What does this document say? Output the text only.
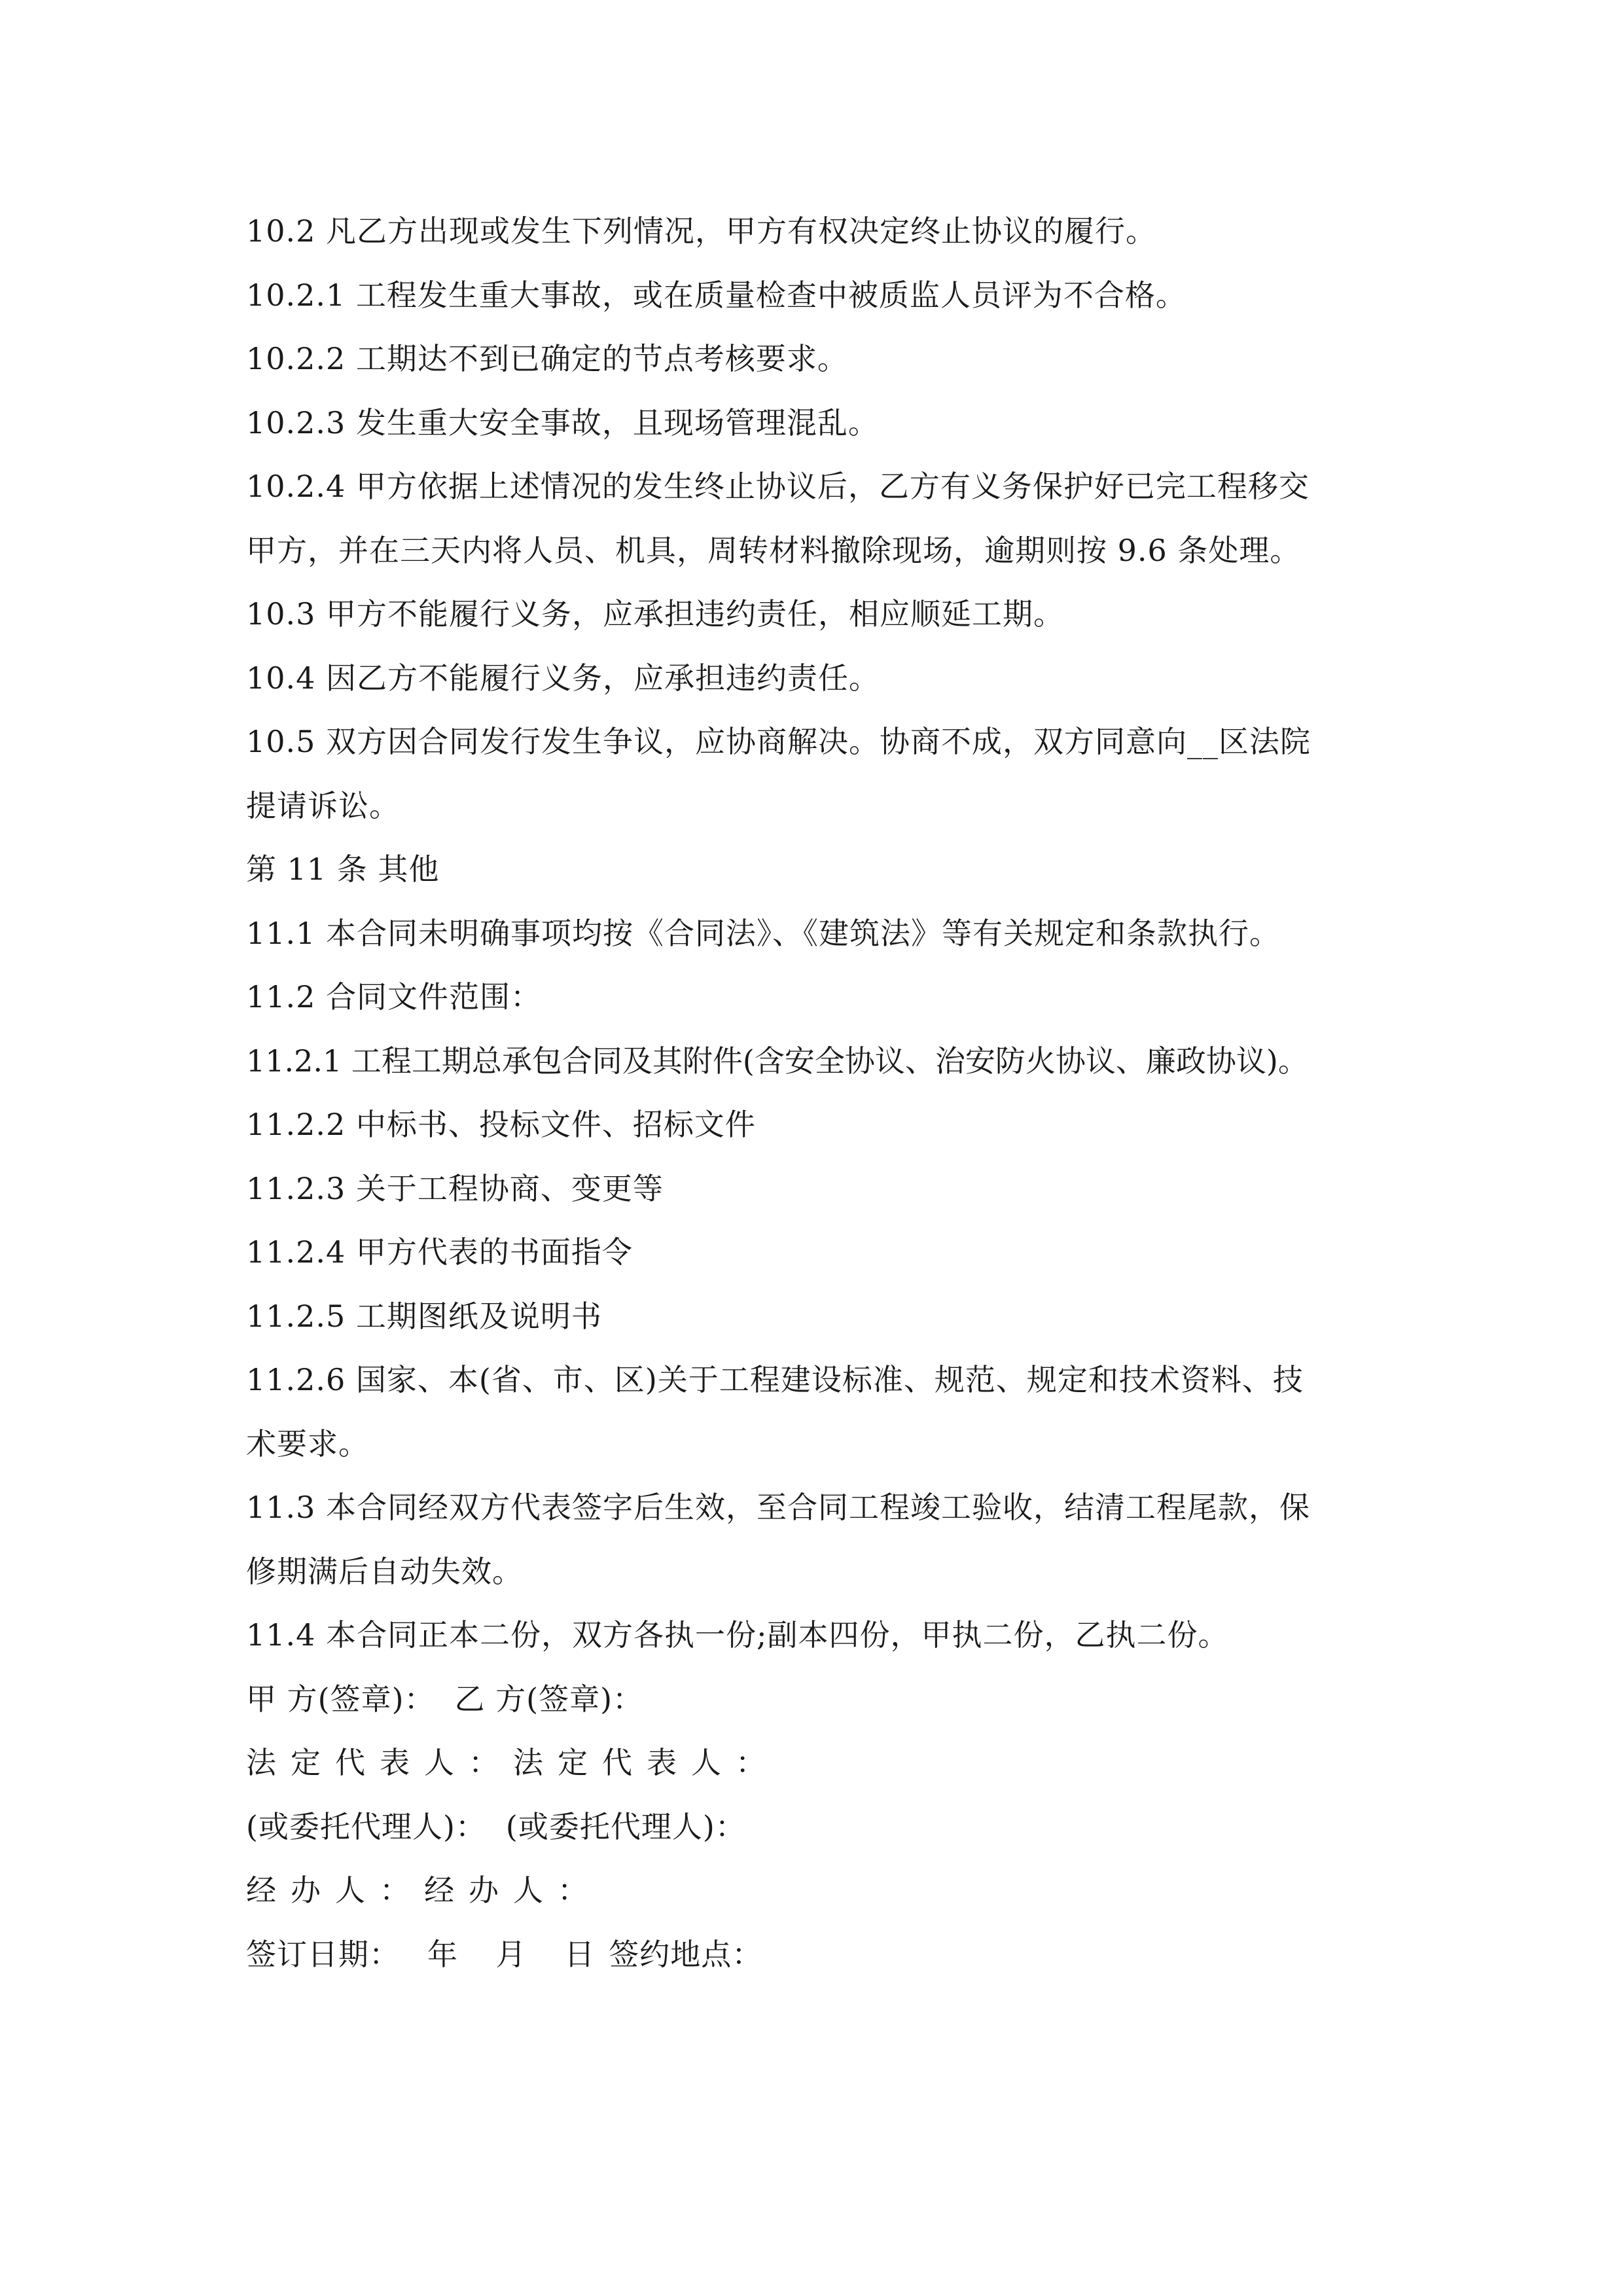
10.2 凡乙方出现或发生下列情况，甲方有权决定终止协议的履行。

10.2.1 工程发生重大事故，或在质量检查中被质监人员评为不合格。

10.2.2 工期达不到已确定的节点考核要求。

10.2.3 发生重大安全事故，且现场管理混乱。

10.2.4 甲方依据上述情况的发生终止协议后，乙方有义务保护好已完工程移交

甲方，并在三天内将人员、机具，周转材料撤除现场，逾期则按 9.6 条处理。

10.3 甲方不能履行义务，应承担违约责任，相应顺延工期。

10.4 因乙方不能履行义务，应承担违约责任。

10.5 双方因合同发行发生争议，应协商解决。协商不成，双方同意向__区法院

提请诉讼。

第 11 条 其他

11.1 本合同未明确事项均按《合同法》、《建筑法》等有关规定和条款执行。

11.2 合同文件范围：

11.2.1 工程工期总承包合同及其附件(含安全协议、治安防火协议、廉政协议)。

11.2.2 中标书、投标文件、招标文件

11.2.3 关于工程协商、变更等

11.2.4 甲方代表的书面指令

11.2.5 工期图纸及说明书

11.2.6 国家、本(省、市、区)关于工程建设标准、规范、规定和技术资料、技

术要求。

11.3 本合同经双方代表签字后生效，至合同工程竣工验收，结清工程尾款，保

修期满后自动失效。

11.4 本合同正本二份，双方各执一份;副本四份，甲执二份，乙执二份。

甲 方(签章)： 乙 方(签章)：

法定代表人：法定代表人：

(或委托代理人)： (或委托代理人)：

经办人：经办人：

签订日期： 年 月 日签约地点：
